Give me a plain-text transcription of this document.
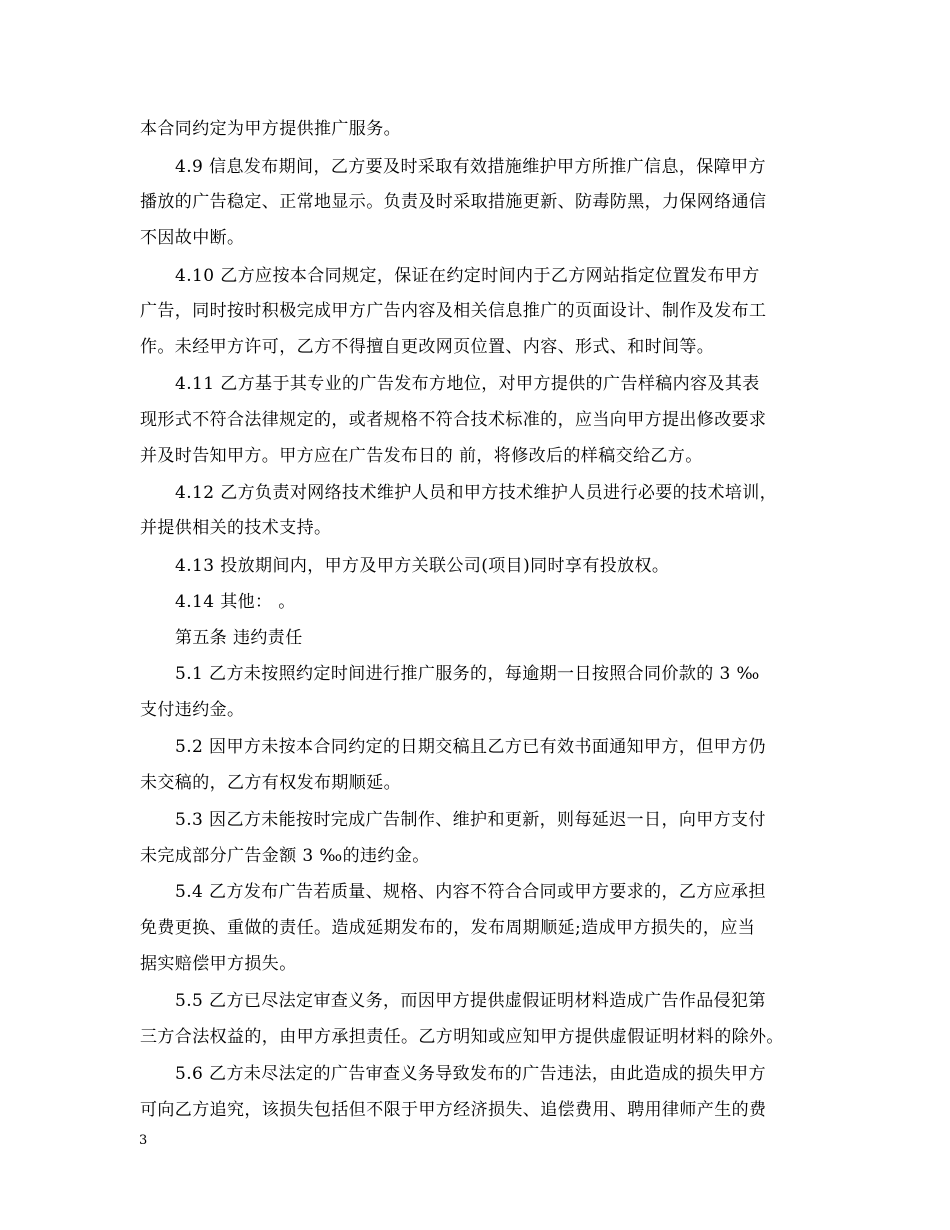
本合同约定为甲方提供推广服务。
4.9 信息发布期间，乙方要及时采取有效措施维护甲方所推广信息，保障甲方
播放的广告稳定、正常地显示。负责及时采取措施更新、防毒防黑，力保网络通信
不因故中断。
4.10 乙方应按本合同规定，保证在约定时间内于乙方网站指定位置发布甲方
广告，同时按时积极完成甲方广告内容及相关信息推广的页面设计、制作及发布工
作。未经甲方许可，乙方不得擅自更改网页位置、内容、形式、和时间等。
4.11 乙方基于其专业的广告发布方地位，对甲方提供的广告样稿内容及其表
现形式不符合法律规定的，或者规格不符合技术标准的，应当向甲方提出修改要求
并及时告知甲方。甲方应在广告发布日的 前，将修改后的样稿交给乙方。
4.12 乙方负责对网络技术维护人员和甲方技术维护人员进行必要的技术培训，
并提供相关的技术支持。
4.13 投放期间内，甲方及甲方关联公司(项目)同时享有投放权。
4.14 其他： 。
第五条 违约责任
5.1 乙方未按照约定时间进行推广服务的，每逾期一日按照合同价款的 3 ‰
支付违约金。
5.2 因甲方未按本合同约定的日期交稿且乙方已有效书面通知甲方，但甲方仍
未交稿的，乙方有权发布期顺延。
5.3 因乙方未能按时完成广告制作、维护和更新，则每延迟一日，向甲方支付
未完成部分广告金额 3 ‰的违约金。
5.4 乙方发布广告若质量、规格、内容不符合合同或甲方要求的，乙方应承担
免费更换、重做的责任。造成延期发布的，发布周期顺延;造成甲方损失的，应当
据实赔偿甲方损失。
5.5 乙方已尽法定审查义务，而因甲方提供虚假证明材料造成广告作品侵犯第
三方合法权益的，由甲方承担责任。乙方明知或应知甲方提供虚假证明材料的除外。
5.6 乙方未尽法定的广告审查义务导致发布的广告违法，由此造成的损失甲方
可向乙方追究，该损失包括但不限于甲方经济损失、追偿费用、聘用律师产生的费
3
